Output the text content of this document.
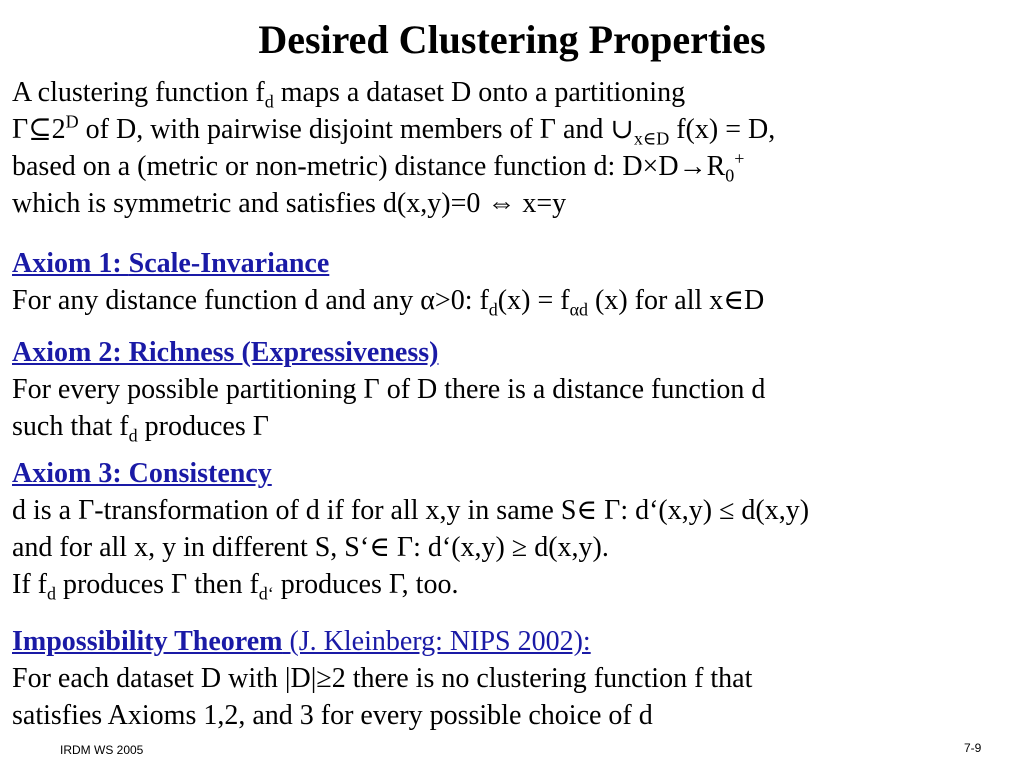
Desired Clustering Properties
A clustering function $f_d$ maps a dataset D onto a partitioning
$\Gamma⊆2^D$ of D, with pairwise disjoint members of Γ and $\cup_{x\in D}$ f(x) = D,
based on a (metric or non-metric) distance function d: $D\times D\to R_0^+$
which is symmetric and satisfies d(x,y)=0 ⇔ x=y
Axiom 1: Scale-Invariance
For any distance function d and any α>0: $f_d(x) = f_{\alpha d}$ (x) for all x∈D
Axiom 2: Richness (Expressiveness)
For every possible partitioning Γ of D there is a distance function d
such that $f_d$ produces Γ
Axiom 3: Consistency
d is a Γ-transformation of d if for all x,y in same S∈ Γ: d‘(x,y) ≤ d(x,y)
and for all x, y in different S, S‘∈ Γ: d‘(x,y) ≥ d(x,y).
If $f_d$ produces Γ then $f_{d‘}$ produces Γ, too.
Impossibility Theorem (J. Kleinberg: NIPS 2002):
For each dataset D with |D|≥2 there is no clustering function f that
satisfies Axioms 1,2, and 3 for every possible choice of d
IRDM WS 2005	7-9
